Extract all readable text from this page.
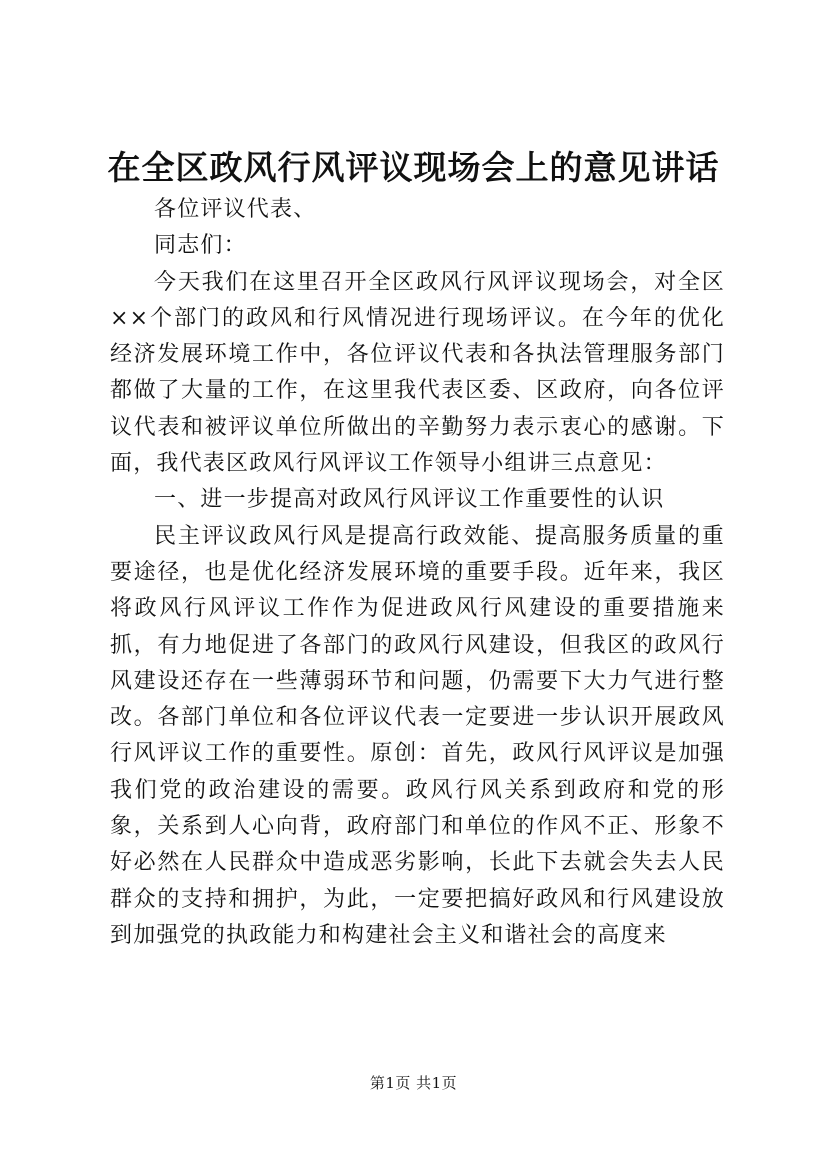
在全区政风行风评议现场会上的意见讲话

各位评议代表、

同志们：

今天我们在这里召开全区政风行风评议现场会，对全区××个部门的政风和行风情况进行现场评议。在今年的优化经济发展环境工作中，各位评议代表和各执法管理服务部门都做了大量的工作，在这里我代表区委、区政府，向各位评议代表和被评议单位所做出的辛勤努力表示衷心的感谢。下面，我代表区政风行风评议工作领导小组讲三点意见：

一、进一步提高对政风行风评议工作重要性的认识

民主评议政风行风是提高行政效能、提高服务质量的重要途径，也是优化经济发展环境的重要手段。近年来，我区将政风行风评议工作作为促进政风行风建设的重要措施来抓，有力地促进了各部门的政风行风建设，但我区的政风行风建设还存在一些薄弱环节和问题，仍需要下大力气进行整改。各部门单位和各位评议代表一定要进一步认识开展政风行风评议工作的重要性。原创：首先，政风行风评议是加强我们党的政治建设的需要。政风行风关系到政府和党的形象，关系到人心向背，政府部门和单位的作风不正、形象不好必然在人民群众中造成恶劣影响，长此下去就会失去人民群众的支持和拥护，为此，一定要把搞好政风和行风建设放到加强党的执政能力和构建社会主义和谐社会的高度来

第1页 共1页
